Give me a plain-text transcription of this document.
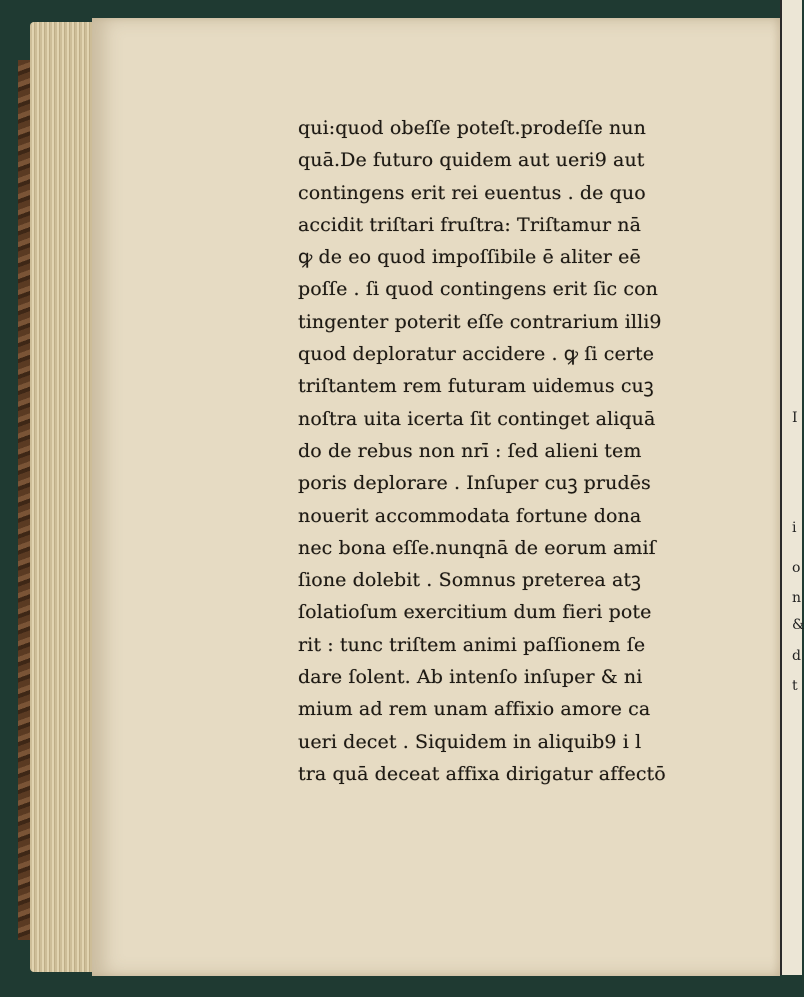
I
i
o
n
&
d
t
qui:quod obeſſe poteſt.prodeſſe nun
quā.De futuro quidem aut ueri9 aut
contingens erit rei euentus . de quo
accidit triſtari fruſtra: Triſtamur nā
ꝙ de eo quod impoſſibile ē aliter eē
poſſe . ſi quod contingens erit ſic con
tingenter poterit eſſe contrarium illi9
quod deploratur accidere . ꝙ ſi certe
triſtantem rem futuram uidemus cuꝫ
noſtra uita icerta ſit continget aliquā
do de rebus non nrī : ſed alieni tem
poris deplorare . Inſuper cuꝫ prudēs
nouerit accommodata fortune dona
nec bona eſſe.nunqnā de eorum amiſ
ſione dolebit . Somnus preterea atꝫ
ſolatioſum exercitium dum fieri pote
rit : tunc triſtem animi paſſionem ſe
dare ſolent. Ab intenſo inſuper & ni
mium ad rem unam affixio amore ca
ueri decet . Siquidem in aliquib9 i l
tra quā deceat affixa dirigatur affectō
